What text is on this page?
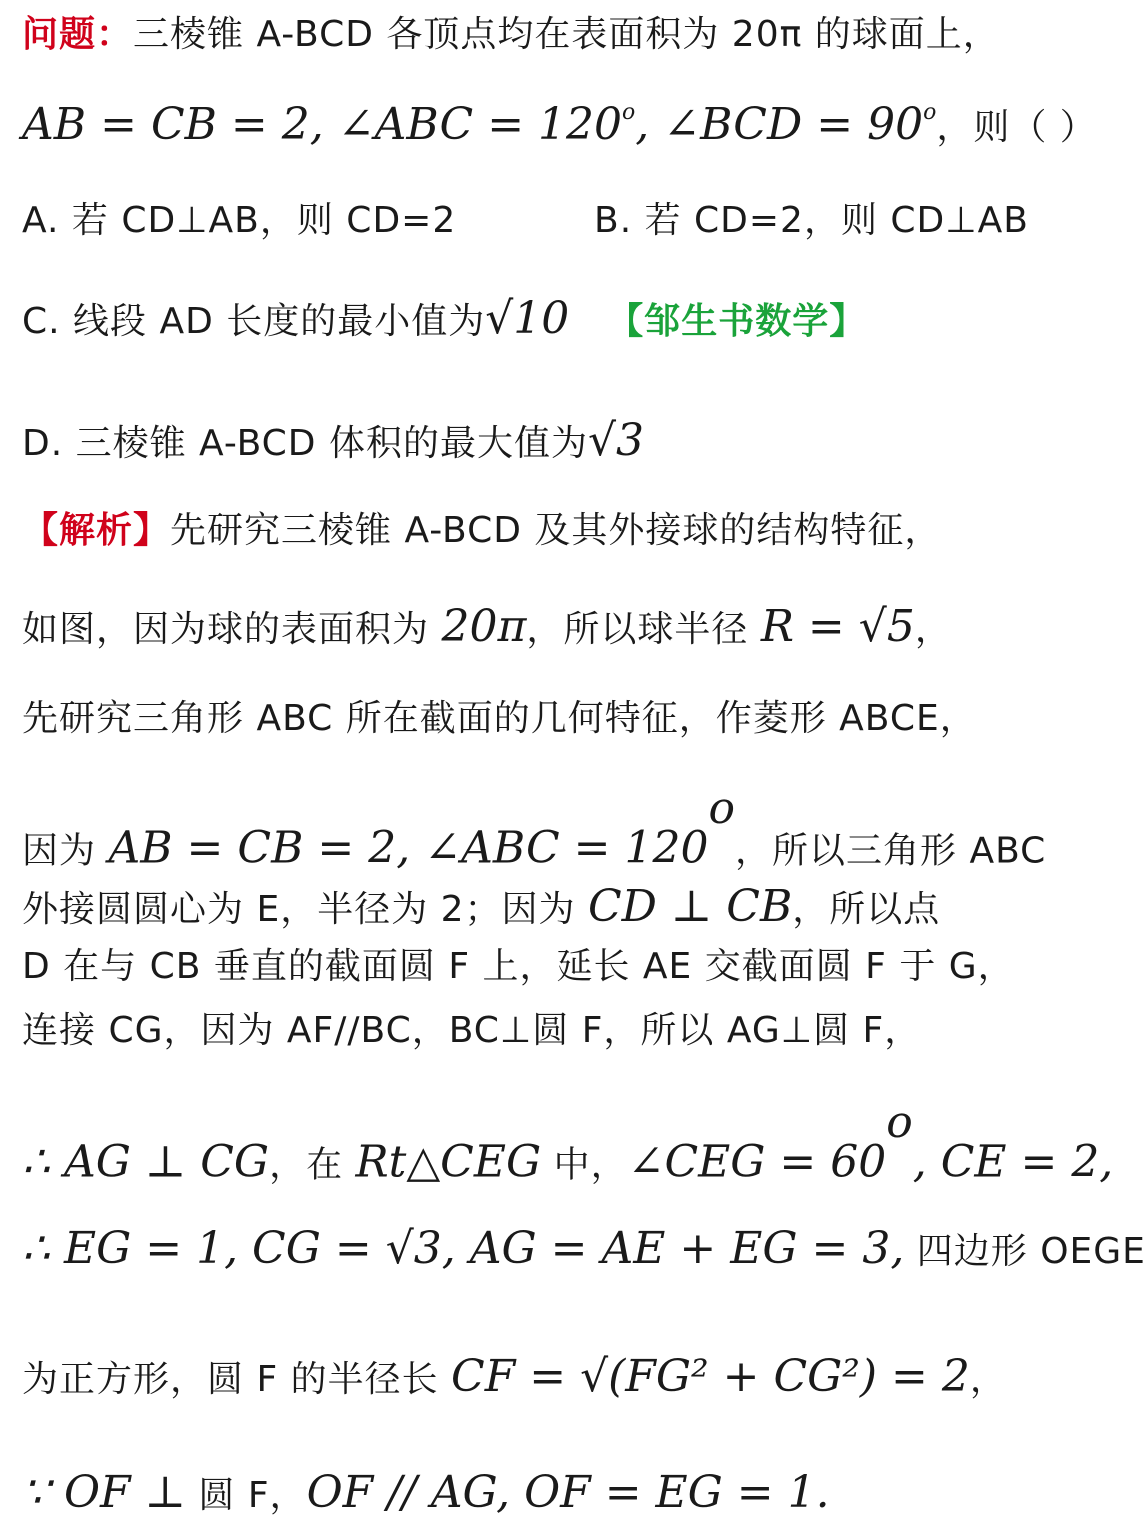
问题：三棱锥 A-BCD 各顶点均在表面积为 20π 的球面上，
AB = CB = 2, ∠ABC = $120^o$, ∠BCD = $90^o$，则（ ）
A. 若 CD⊥AB，则 CD=2	B. 若 CD=2，则 CD⊥AB
C. 线段 AD 长度的最小值为√10 【邹生书数学】
D. 三棱锥 A-BCD 体积的最大值为√3
【解析】先研究三棱锥 A-BCD 及其外接球的结构特征，
如图，因为球的表面积为 20π，所以球半径 R = √5，
先研究三角形 ABC 所在截面的几何特征，作菱形 ABCE，
因为 AB = CB = 2, ∠ABC = $120^o$，所以三角形 ABC
外接圆圆心为 E，半径为 2；因为 CD ⊥ CB，所以点
D 在与 CB 垂直的截面圆 F 上，延长 AE 交截面圆 F 于 G，
连接 CG，因为 AF//BC，BC⊥圆 F，所以 AG⊥圆 F，
∴ AG ⊥ CG，在 Rt△CEG 中，∠CEG = $60^o$, CE = 2,
∴ EG = 1, CG = √3, AG = AE + EG = 3, 四边形 OEGE
为正方形，圆 F 的半径长 CF = √(FG² + CG²) = 2，
∵ OF ⊥ 圆 F，OF // AG, OF = EG = 1.
